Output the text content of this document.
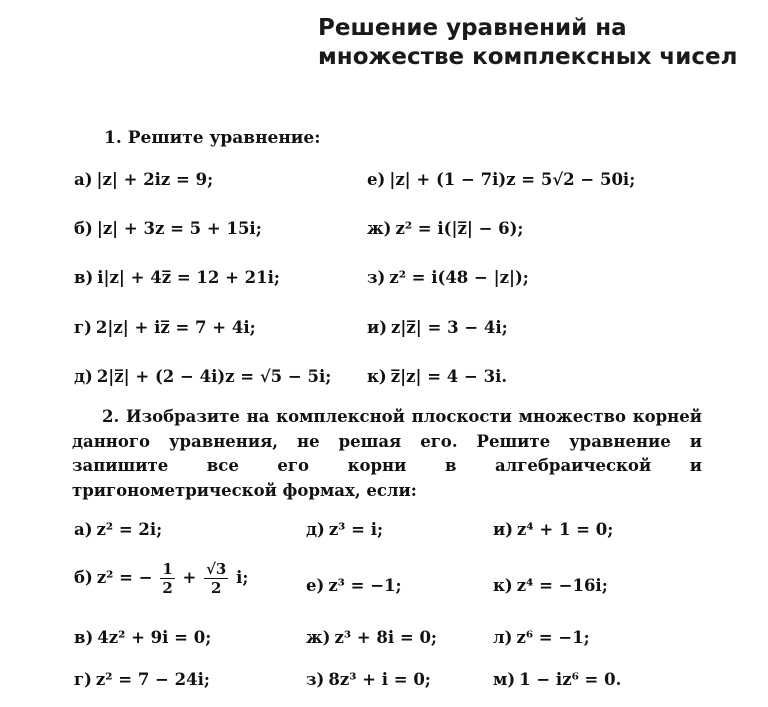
Решение уравнений на множестве комплексных чисел
1. Решите уравнение:
а) |z| + 2iz = 9;
б) |z| + 3z = 5 + 15i;
в) i|z| + 4z̅ = 12 + 21i;
г) 2|z| + iz̅ = 7 + 4i;
д) 2|z̅| + (2 − 4i)z = √5 − 5i;
е) |z| + (1 − 7i)z = 5√2 − 50i;
ж) z² = i(|z̅| − 6);
з) z² = i(48 − |z|);
и) z|z̅| = 3 − 4i;
к) z̅|z| = 4 − 3i.
2. Изобразите на комплексной плоскости множество корней данного уравнения, не решая его. Решите уравнение и запишите все его корни в алгебраической и тригонометрической формах, если:
а) z² = 2i;
б) z² = − $\frac{1}{2} + \frac{√3}{2} i$;
в) 4z² + 9i = 0;
г) z² = 7 − 24i;
д) z³ = i;
е) z³ = −1;
ж) z³ + 8i = 0;
з) 8z³ + i = 0;
и) z⁴ + 1 = 0;
к) z⁴ = −16i;
л) z⁶ = −1;
м) 1 − iz⁶ = 0.
